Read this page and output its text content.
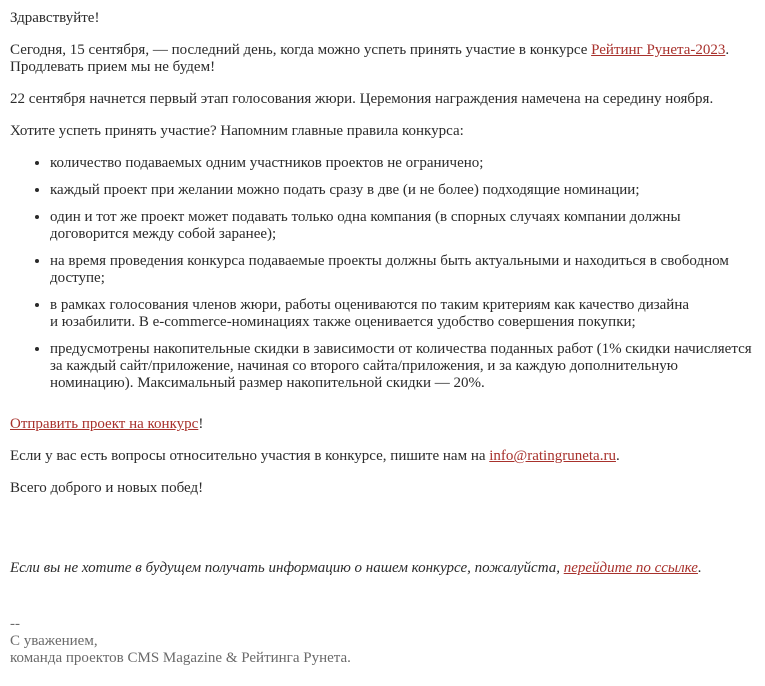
Здравствуйте!

Сегодня, 15 сентября, — последний день, когда можно успеть принять участие в конкурсе Рейтинг Рунета-2023. Продлевать прием мы не будем!

22 сентября начнется первый этап голосования жюри. Церемония награждения намечена на середину ноября.

Хотите успеть принять участие? Напомним главные правила конкурса:

• количество подаваемых одним участников проектов не ограничено;
• каждый проект при желании можно подать сразу в две (и не более) подходящие номинации;
• один и тот же проект может подавать только одна компания (в спорных случаях компании должны договорится между собой заранее);
• на время проведения конкурса подаваемые проекты должны быть актуальными и находиться в свободном доступе;
• в рамках голосования членов жюри, работы оцениваются по таким критериям как качество дизайна
и юзабилити. В e-commerce-номинациях также оценивается удобство совершения покупки;
• предусмотрены накопительные скидки в зависимости от количества поданных работ (1% скидки начисляется за каждый сайт/приложение, начиная со второго сайта/приложения, и за каждую дополнительную номинацию). Максимальный размер накопительной скидки — 20%.

Отправить проект на конкурс!

Если у вас есть вопросы относительно участия в конкурсе, пишите нам на info@ratingruneta.ru.

Всего доброго и новых побед!

Если вы не хотите в будущем получать информацию о нашем конкурсе, пожалуйста, перейдите по ссылке.

--
С уважением,
команда проектов CMS Magazine & Рейтинга Рунета.
